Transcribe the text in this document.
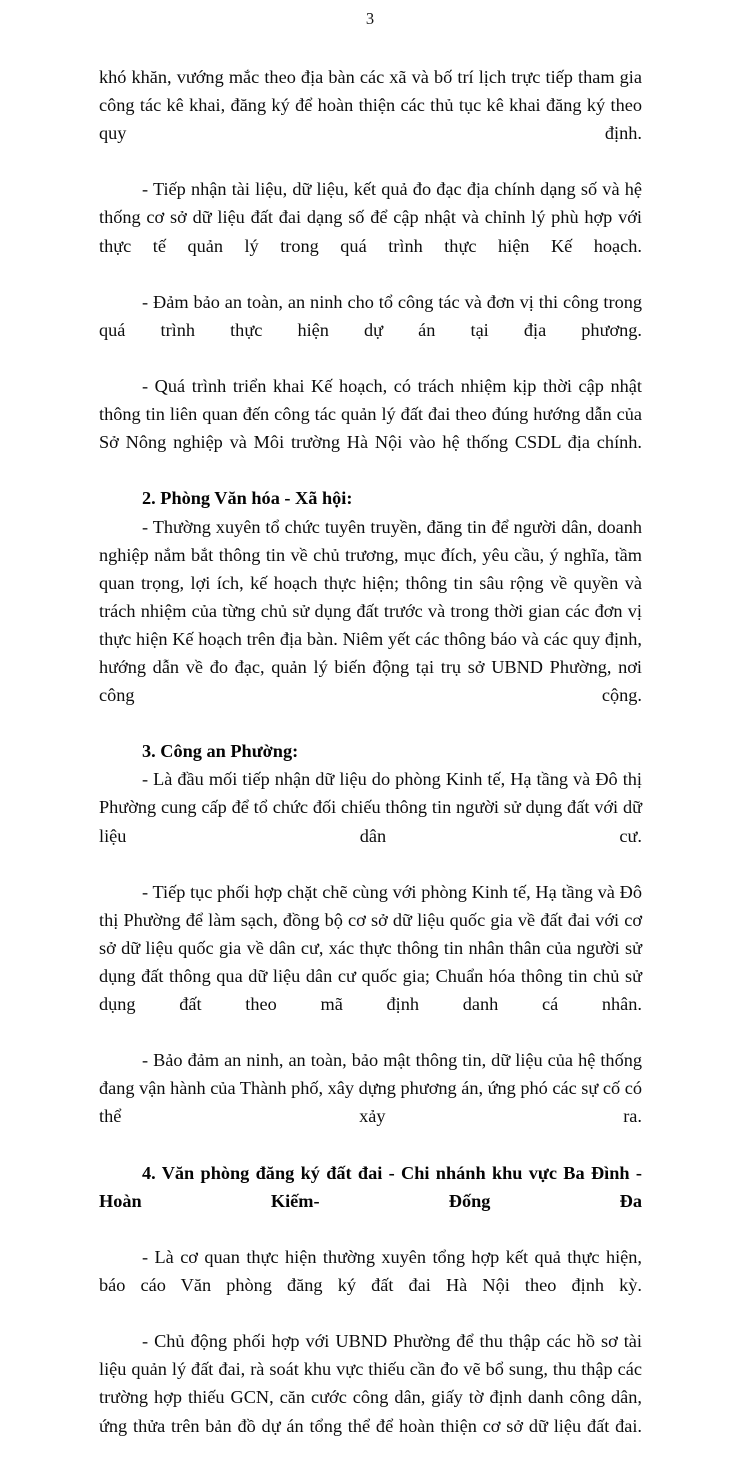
3

khó khăn, vướng mắc theo địa bàn các xã và bố trí lịch trực tiếp tham gia công tác kê khai, đăng ký để hoàn thiện các thủ tục kê khai đăng ký theo quy định.

- Tiếp nhận tài liệu, dữ liệu, kết quả đo đạc địa chính dạng số và hệ thống cơ sở dữ liệu đất đai dạng số để cập nhật và chỉnh lý phù hợp với thực tế quản lý trong quá trình thực hiện Kế hoạch.

- Đảm bảo an toàn, an ninh cho tổ công tác và đơn vị thi công trong quá trình thực hiện dự án tại địa phương.

- Quá trình triển khai Kế hoạch, có trách nhiệm kịp thời cập nhật thông tin liên quan đến công tác quản lý đất đai theo đúng hướng dẫn của Sở Nông nghiệp và Môi trường Hà Nội vào hệ thống CSDL địa chính.

2. Phòng Văn hóa - Xã hội:

- Thường xuyên tổ chức tuyên truyền, đăng tin để người dân, doanh nghiệp nắm bắt thông tin về chủ trương, mục đích, yêu cầu, ý nghĩa, tầm quan trọng, lợi ích, kế hoạch thực hiện; thông tin sâu rộng về quyền và trách nhiệm của từng chủ sử dụng đất trước và trong thời gian các đơn vị thực hiện Kế hoạch trên địa bàn. Niêm yết các thông báo và các quy định, hướng dẫn về đo đạc, quản lý biến động tại trụ sở UBND Phường, nơi công cộng.

3. Công an Phường:

- Là đầu mối tiếp nhận dữ liệu do phòng Kinh tế, Hạ tầng và Đô thị Phường cung cấp để tổ chức đối chiếu thông tin người sử dụng đất với dữ liệu dân cư.

- Tiếp tục phối hợp chặt chẽ cùng với phòng Kinh tế, Hạ tầng và Đô thị Phường để làm sạch, đồng bộ cơ sở dữ liệu quốc gia về đất đai với cơ sở dữ liệu quốc gia về dân cư, xác thực thông tin nhân thân của người sử dụng đất thông qua dữ liệu dân cư quốc gia; Chuẩn hóa thông tin chủ sử dụng đất theo mã định danh cá nhân.

- Bảo đảm an ninh, an toàn, bảo mật thông tin, dữ liệu của hệ thống đang vận hành của Thành phố, xây dựng phương án, ứng phó các sự cố có thể xảy ra.

4. Văn phòng đăng ký đất đai - Chi nhánh khu vực Ba Đình - Hoàn Kiếm- Đống Đa

- Là cơ quan thực hiện thường xuyên tổng hợp kết quả thực hiện, báo cáo Văn phòng đăng ký đất đai Hà Nội theo định kỳ.

- Chủ động phối hợp với UBND Phường để thu thập các hồ sơ tài liệu quản lý đất đai, rà soát khu vực thiếu cần đo vẽ bổ sung, thu thập các trường hợp thiếu GCN, căn cước công dân, giấy tờ định danh công dân, ứng thửa trên bản đồ dự án tổng thể để hoàn thiện cơ sở dữ liệu đất đai.
